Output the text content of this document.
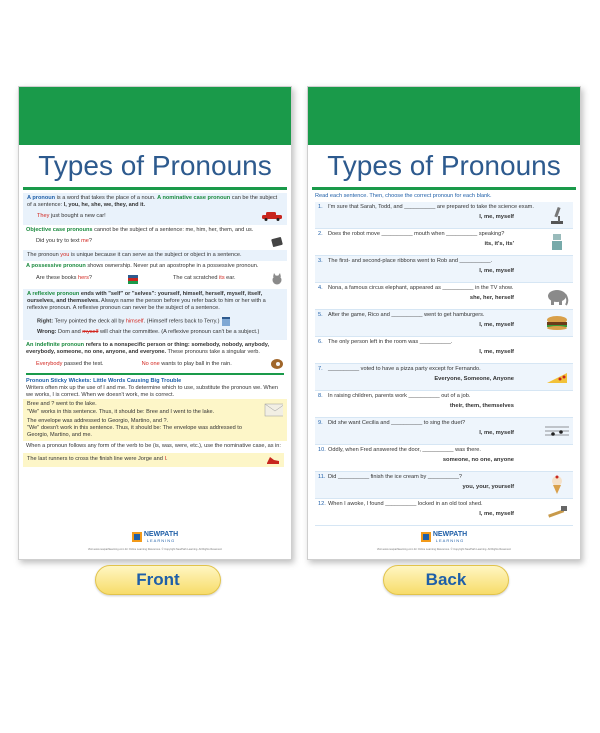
Types of Pronouns
A pronoun is a word that takes the place of a noun. A nominative case pronoun can be the subject of a sentence: I, you, he, she, we, they, and it.
They just bought a new car!
Objective case pronouns cannot be the subject of a sentence: me, him, her, them, and us.
Did you try to text me?
The pronoun you is unique because it can serve as the subject or object in a sentence.
A possessive pronoun shows ownership. Never put an apostrophe in a possessive pronoun.
Are these books hers?	The cat scratched its ear.
A reflexive pronoun ends with "self" or "selves": yourself, himself, herself, myself, itself, ourselves, and themselves. Always name the person before you refer back to him or her with a reflexive pronoun. A reflexive pronoun can never be the subject of a sentence.
Right: Terry pointed the deck all by himself. (Himself refers back to Terry.)
Wrong: Dom and myself will chair the committee. (A reflexive pronoun can't be a subject.)
An indefinite pronoun refers to a nonspecific person or thing: somebody, nobody, anybody, everybody, someone, no one, anyone, and everyone. These pronouns take a singular verb.
Everybody passed the test.	No one wants to play ball in the rain.
Pronoun Sticky Wickets: Little Words Causing Big Trouble
Writers often mix up the use of I and me. To determine which to use, substitute the pronoun we. When we works, I is correct. When we doesn't work, me is correct.
Bree and ? went to the lake.
"We" works in this sentence. Thus, it should be: Bree and I went to the lake.
The envelope was addressed to Georgio, Martino, and ?.
"We" doesn't work in this sentence. Thus, it should be: The envelope was addressed to Georgio, Martino, and me.
When a pronoun follows any form of the verb to be (is, was, were, etc.), use the nominative case, as in:
The last runners to cross the finish line were Jorge and I.
NEWPATH
LEARNING
Visit www.newpathlearning.com for Online Learning Resources. © Copyright NewPath Learning. All Rights Reserved.
Types of Pronouns
Read each sentence. Then, choose the correct pronoun for each blank.
1. I'm sure that Sarah, Todd, and __________ are prepared to take the science exam.
I, me, myself
2. Does the robot move __________ mouth when __________ speaking?
its, it's, its'
3. The first- and second-place ribbons went to Rob and __________.
I, me, myself
4. Nona, a famous circus elephant, appeared as __________ in the TV show.
she, her, herself
5. After the game, Rico and __________ went to get hamburgers.
I, me, myself
6. The only person left in the room was __________.
I, me, myself
7. __________ voted to have a pizza party except for Fernando.
Everyone, Someone, Anyone
8. In raising children, parents work __________ out of a job.
their, them, themselves
9. Did she want Cecilia and __________ to sing the duet?
I, me, myself
10. Oddly, when Fred answered the door, __________ was there.
someone, no one, anyone
11. Did __________ finish the ice cream by __________?
you, your, yourself
12. When I awoke, I found __________ locked in an old tool shed.
I, me, myself
NEWPATH
LEARNING
Visit www.newpathlearning.com for Online Learning Resources. © Copyright NewPath Learning. All Rights Reserved.
Front	Back
